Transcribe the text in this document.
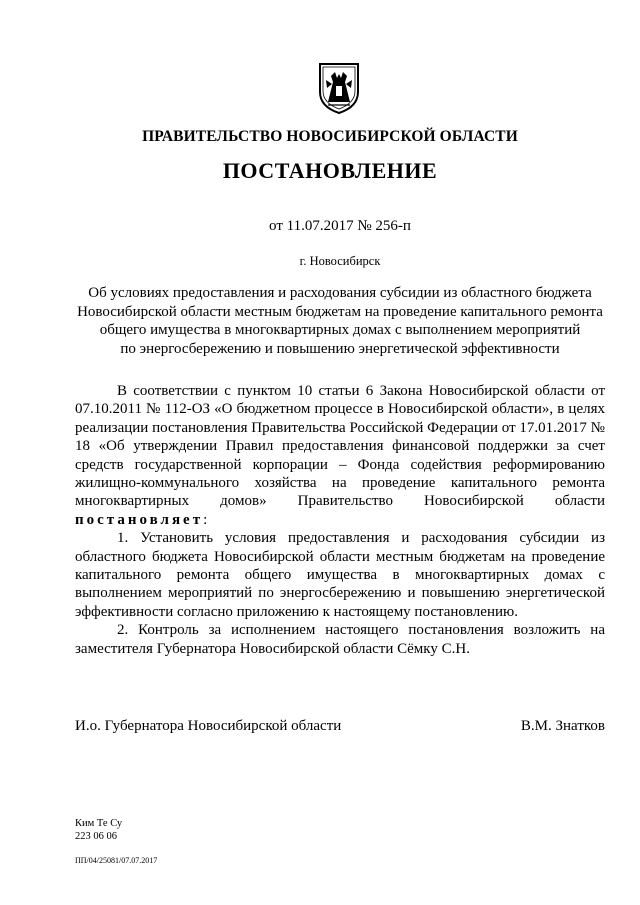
ПРАВИТЕЛЬСТВО НОВОСИБИРСКОЙ ОБЛАСТИ
ПОСТАНОВЛЕНИЕ
от 11.07.2017 № 256-п
г. Новосибирск
Об условиях предоставления и расходования субсидии из областного бюджета
Новосибирской области местным бюджетам на проведение капитального ремонта
общего имущества в многоквартирных домах с выполнением мероприятий
по энергосбережению и повышению энергетической эффективности

В соответствии с пунктом 10 статьи 6 Закона Новосибирской области от 07.10.2011 № 112-ОЗ «О бюджетном процессе в Новосибирской области», в целях реализации постановления Правительства Российской Федерации от 17.01.2017 № 18 «Об утверждении Правил предоставления финансовой поддержки за счет средств государственной корпорации – Фонда содействия реформированию жилищно-коммунального хозяйства на проведение капитального ремонта многоквартирных домов» Правительство Новосибирской области постановляет:

1. Установить условия предоставления и расходования субсидии из областного бюджета Новосибирской области местным бюджетам на проведение капитального ремонта общего имущества в многоквартирных домах с выполнением мероприятий по энергосбережению и повышению энергетической эффективности согласно приложению к настоящему постановлению.

2. Контроль за исполнением настоящего постановления возложить на заместителя Губернатора Новосибирской области Сёмку С.Н.

И.о. Губернатора Новосибирской области	В.М. Знатков
Ким Те Су
223 06 06
ПП/04/25081/07.07.2017
